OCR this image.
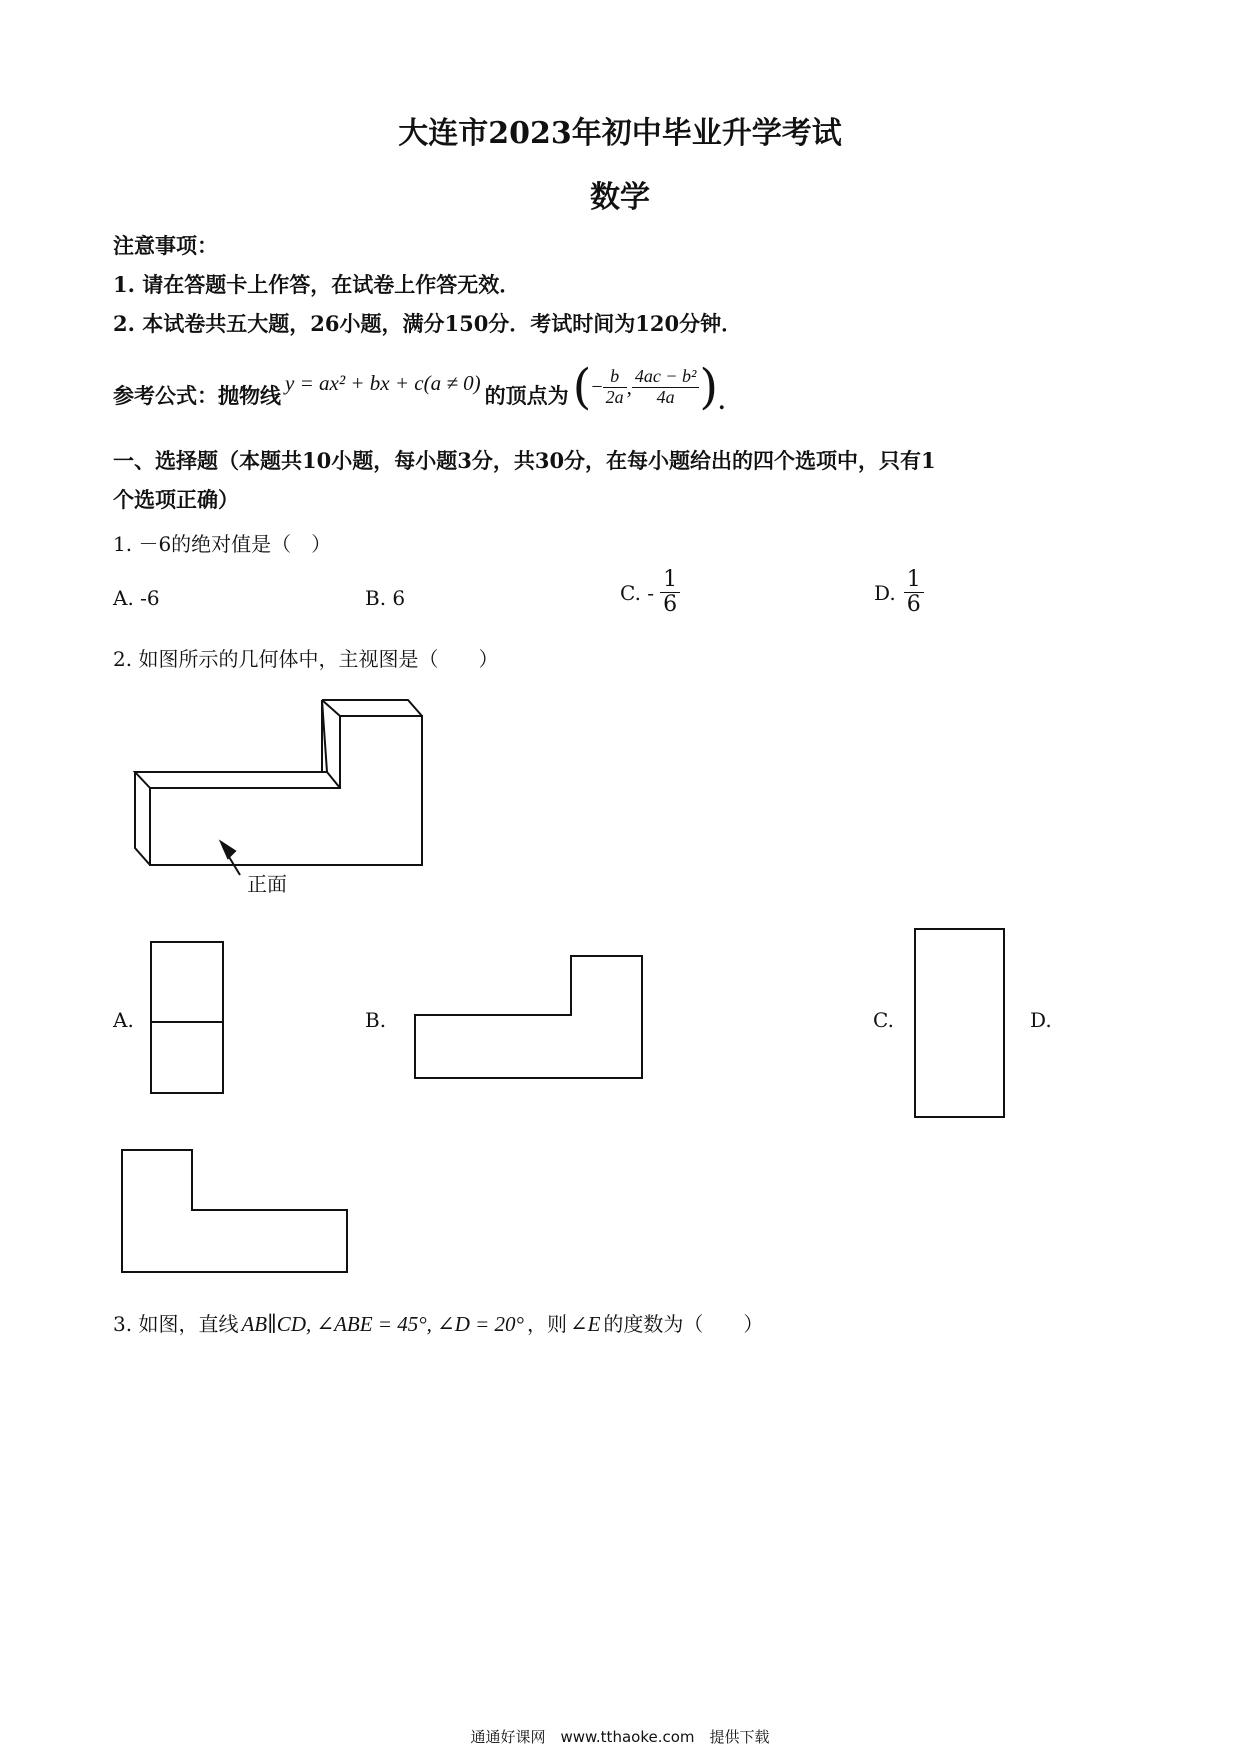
大连市2023年初中毕业升学考试
数学
注意事项：
1. 请在答题卡上作答，在试卷上作答无效．
2. 本试卷共五大题，26小题，满分150分．考试时间为120分钟．
参考公式：抛物线
y = ax² + bx + c(a ≠ 0)
的顶点为 ( − $\frac{b}{2a}$ , $\frac{\text{4ac − b²}}{4a}$ ) .
一、选择题（本题共10小题，每小题3分，共30分，在每小题给出的四个选项中，只有1
个选项正确）
1. －6的绝对值是（　）
A. -6	B. 6	C. - $\frac{1}{6}$	D. $\frac{1}{6}$
2. 如图所示的几何体中，主视图是（　　）
正面
A.	B.	C.	D.
3. 如图，直线 AB∥CD, ∠ABE = 45°, ∠D = 20° ，则 ∠E 的度数为（　　）
通通好课网　www.tthaoke.com　提供下载
